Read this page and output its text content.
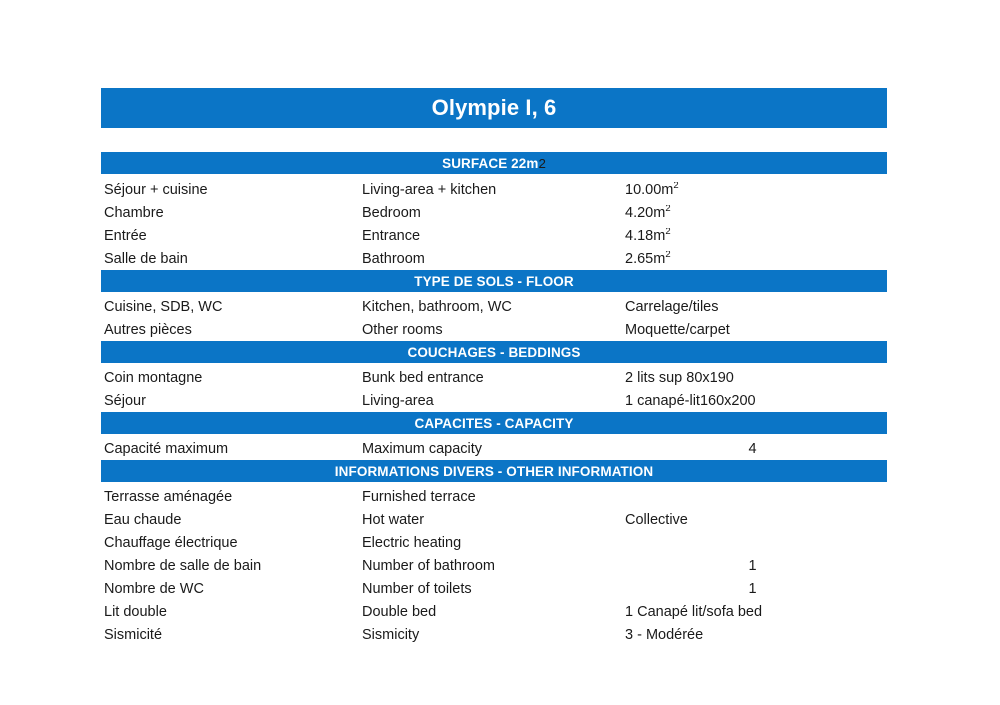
Olympie I, 6
SURFACE 22m 2
Séjour + cuisine	Living-area + kitchen	$10.00m^2$
Chambre	Bedroom	$4.20m^2$
Entrée	Entrance	$4.18m^2$
Salle de bain	Bathroom	$2.65m^2$
TYPE DE SOLS - FLOOR
Cuisine, SDB, WC	Kitchen, bathroom, WC	Carrelage/tiles
Autres pièces	Other rooms	Moquette/carpet
COUCHAGES - BEDDINGS
Coin montagne	Bunk bed entrance	2 lits sup 80x190
Séjour	Living-area	1 canapé-lit160x200
CAPACITES - CAPACITY
Capacité maximum	Maximum capacity	4
INFORMATIONS DIVERS - OTHER INFORMATION
Terrasse aménagée	Furnished terrace
Eau chaude	Hot water	Collective
Chauffage électrique	Electric heating
Nombre de salle de bain	Number of bathroom	1
Nombre de WC	Number of toilets	1
Lit double	Double bed	1 Canapé lit/sofa bed
Sismicité	Sismicity	3 - Modérée
